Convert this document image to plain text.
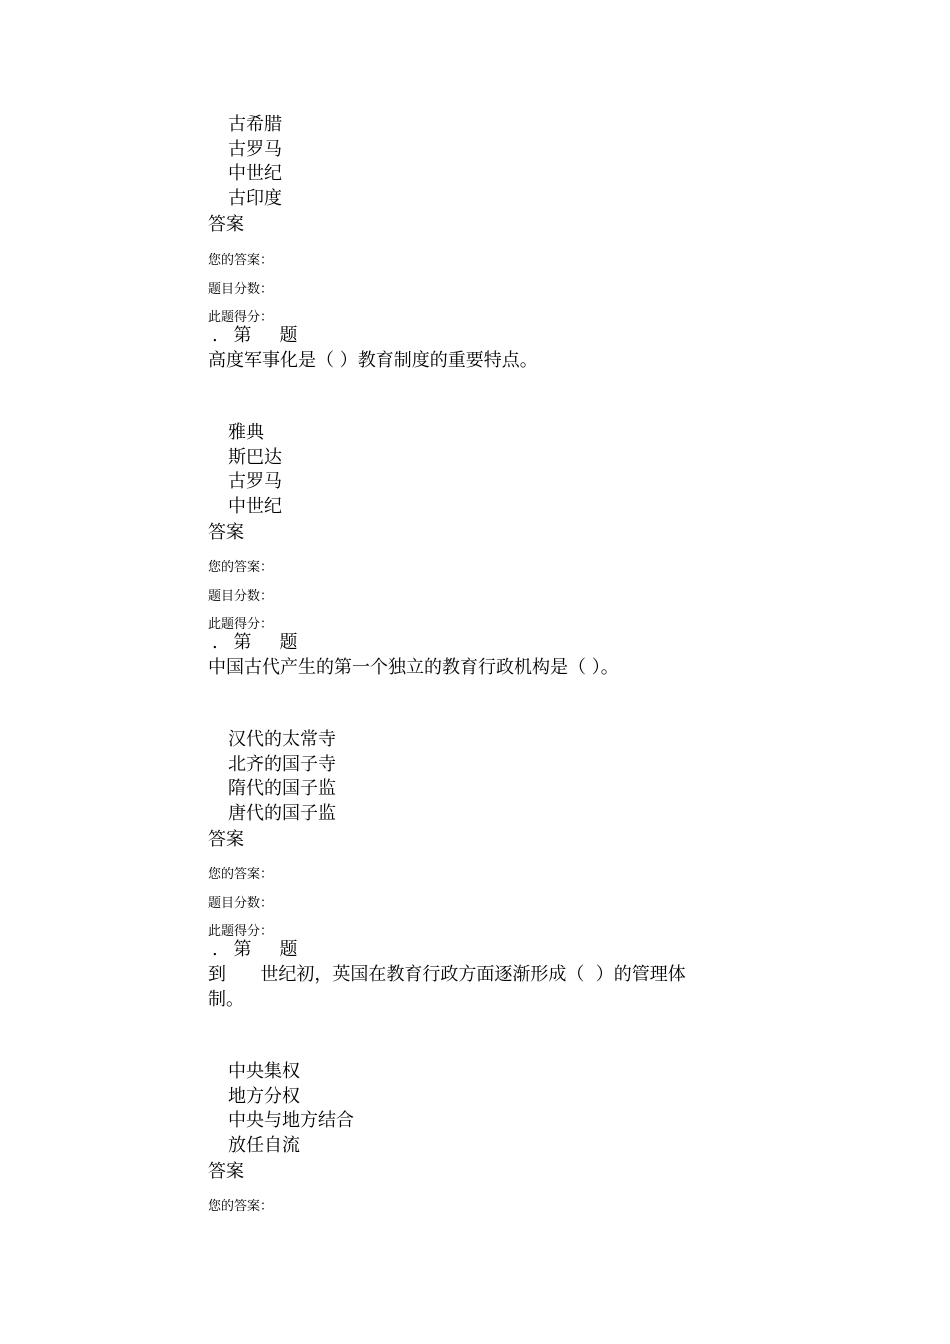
古希腊
古罗马
中世纪
古印度
答案
您的答案：
题目分数：
此题得分：
. 第 题
高度军事化是（ ）教育制度的重要特点。
雅典
斯巴达
古罗马
中世纪
答案
您的答案：
题目分数：
此题得分：
. 第 题
中国古代产生的第一个独立的教育行政机构是（ ）。
汉代的太常寺
北齐的国子寺
隋代的国子监
唐代的国子监
答案
您的答案：
题目分数：
此题得分：
. 第 题
到      世纪初，英国在教育行政方面逐渐形成（  ）的管理体
制。
中央集权
地方分权
中央与地方结合
放任自流
答案
您的答案：
